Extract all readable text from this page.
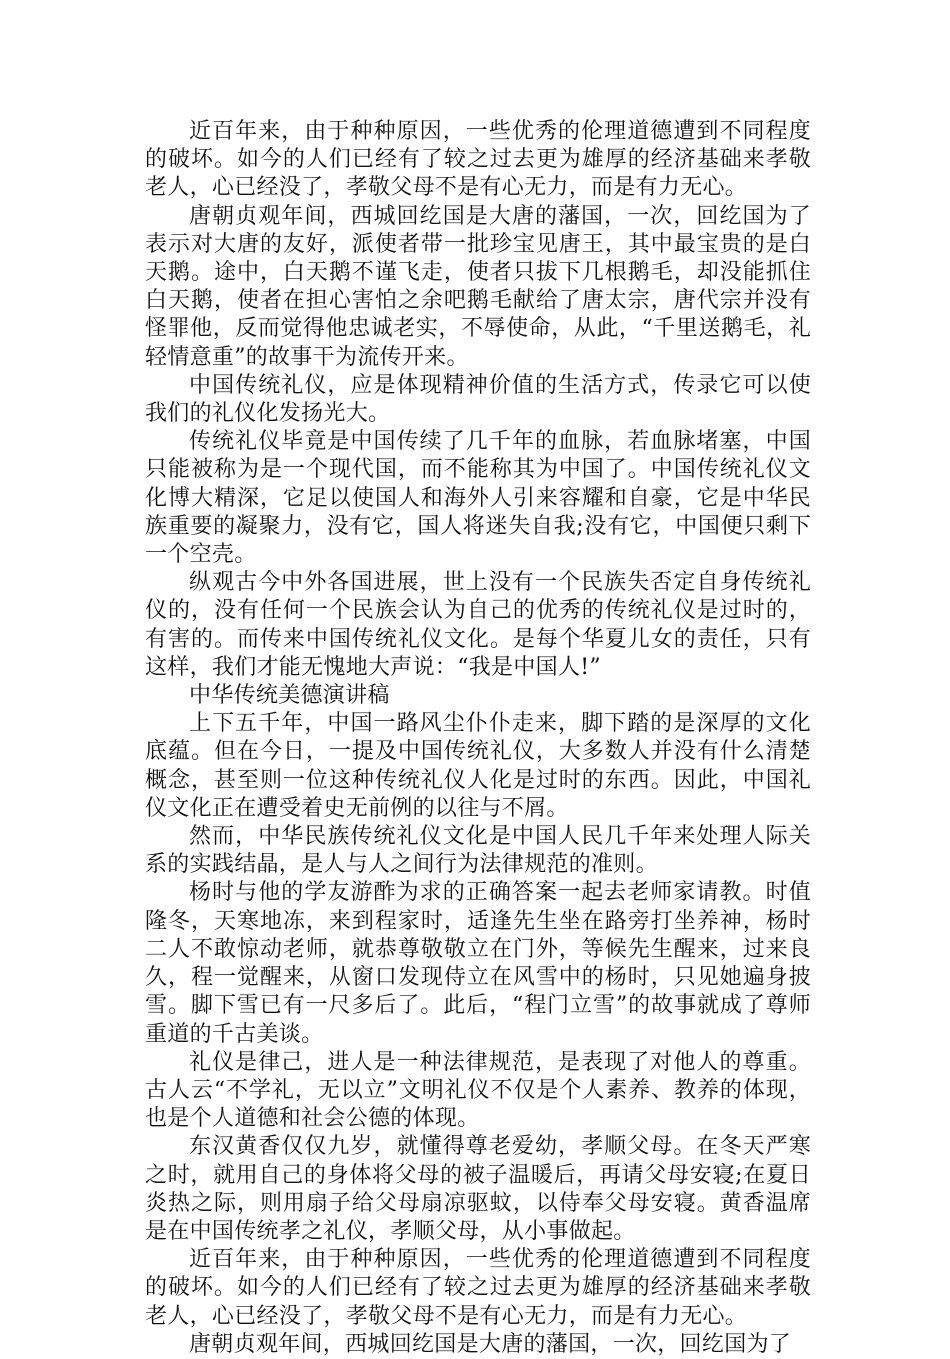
近百年来，由于种种原因，一些优秀的伦理道德遭到不同程度的破坏。如今的人们已经有了较之过去更为雄厚的经济基础来孝敬老人，心已经没了，孝敬父母不是有心无力，而是有力无心。

唐朝贞观年间，西城回纥国是大唐的藩国，一次，回纥国为了表示对大唐的友好，派使者带一批珍宝见唐王，其中最宝贵的是白天鹅。途中，白天鹅不谨飞走，使者只拔下几根鹅毛，却没能抓住白天鹅，使者在担心害怕之余吧鹅毛献给了唐太宗，唐代宗并没有怪罪他，反而觉得他忠诚老实，不辱使命，从此，“千里送鹅毛，礼轻情意重”的故事干为流传开来。

中国传统礼仪，应是体现精神价值的生活方式，传录它可以使我们的礼仪化发扬光大。

传统礼仪毕竟是中国传续了几千年的血脉，若血脉堵塞，中国只能被称为是一个现代国，而不能称其为中国了。中国传统礼仪文化博大精深，它足以使国人和海外人引来容耀和自豪，它是中华民族重要的凝聚力，没有它，国人将迷失自我;没有它，中国便只剩下一个空壳。

纵观古今中外各国进展，世上没有一个民族失否定自身传统礼仪的，没有任何一个民族会认为自己的优秀的传统礼仪是过时的，有害的。而传来中国传统礼仪文化。是每个华夏儿女的责任，只有这样，我们才能无愧地大声说：“我是中国人!”

中华传统美德演讲稿

上下五千年，中国一路风尘仆仆走来，脚下踏的是深厚的文化底蕴。但在今日，一提及中国传统礼仪，大多数人并没有什么清楚概念，甚至则一位这种传统礼仪人化是过时的东西。因此，中国礼仪文化正在遭受着史无前例的以往与不屑。

然而，中华民族传统礼仪文化是中国人民几千年来处理人际关系的实践结晶，是人与人之间行为法律规范的准则。

杨时与他的学友游酢为求的正确答案一起去老师家请教。时值隆冬，天寒地冻，来到程家时，适逢先生坐在路旁打坐养神，杨时二人不敢惊动老师，就恭尊敬敬立在门外，等候先生醒来，过来良久，程一觉醒来，从窗口发现侍立在风雪中的杨时，只见她遍身披雪。脚下雪已有一尺多后了。此后，“程门立雪”的故事就成了尊师重道的千古美谈。

礼仪是律己，进人是一种法律规范，是表现了对他人的尊重。古人云“不学礼，无以立”文明礼仪不仅是个人素养、教养的体现，也是个人道德和社会公德的体现。

东汉黄香仅仅九岁，就懂得尊老爱幼，孝顺父母。在冬天严寒之时，就用自己的身体将父母的被子温暖后，再请父母安寝;在夏日炎热之际，则用扇子给父母扇凉驱蚊，以侍奉父母安寝。黄香温席是在中国传统孝之礼仪，孝顺父母，从小事做起。

近百年来，由于种种原因，一些优秀的伦理道德遭到不同程度的破坏。如今的人们已经有了较之过去更为雄厚的经济基础来孝敬老人，心已经没了，孝敬父母不是有心无力，而是有力无心。

唐朝贞观年间，西城回纥国是大唐的藩国，一次，回纥国为了
